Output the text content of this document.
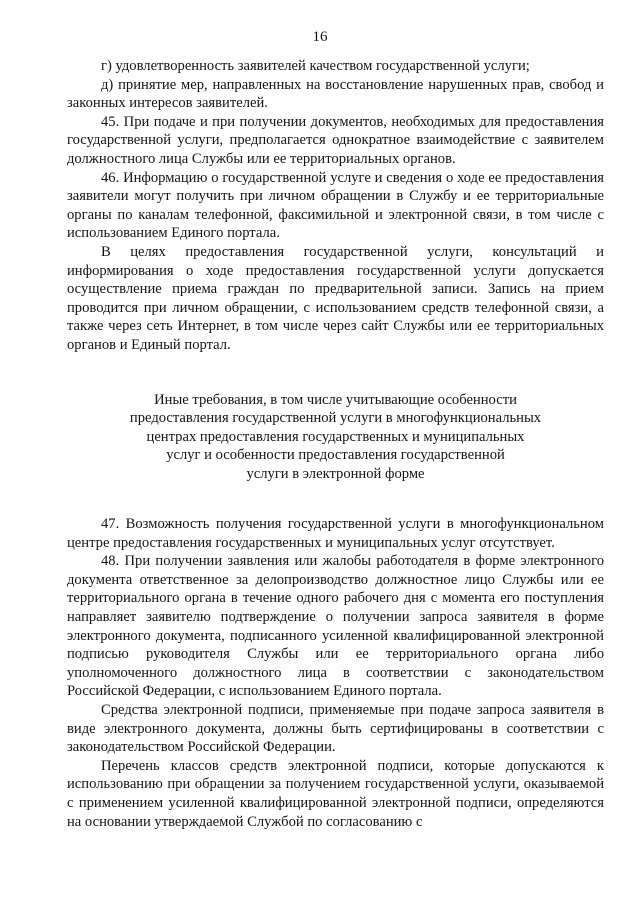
16

г) удовлетворенность заявителей качеством государственной услуги;

д) принятие мер, направленных на восстановление нарушенных прав, свобод и законных интересов заявителей.

45. При подаче и при получении документов, необходимых для предоставления государственной услуги, предполагается однократное взаимодействие с заявителем должностного лица Службы или ее территориальных органов.

46. Информацию о государственной услуге и сведения о ходе ее предоставления заявители могут получить при личном обращении в Службу и ее территориальные органы по каналам телефонной, факсимильной и электронной связи, в том числе с использованием Единого портала.

В целях предоставления государственной услуги, консультаций и информирования о ходе предоставления государственной услуги допускается осуществление приема граждан по предварительной записи. Запись на прием проводится при личном обращении, с использованием средств телефонной связи, а также через сеть Интернет, в том числе через сайт Службы или ее территориальных органов и Единый портал.

Иные требования, в том числе учитывающие особенности
предоставления государственной услуги в многофункциональных
центрах предоставления государственных и муниципальных
услуг и особенности предоставления государственной
услуги в электронной форме

47. Возможность получения государственной услуги в многофункциональном центре предоставления государственных и муниципальных услуг отсутствует.

48. При получении заявления или жалобы работодателя в форме электронного документа ответственное за делопроизводство должностное лицо Службы или ее территориального органа в течение одного рабочего дня с момента его поступления направляет заявителю подтверждение о получении запроса заявителя в форме электронного документа, подписанного усиленной квалифицированной электронной подписью руководителя Службы или ее территориального органа либо уполномоченного должностного лица в соответствии с законодательством Российской Федерации, с использованием Единого портала.

Средства электронной подписи, применяемые при подаче запроса заявителя в виде электронного документа, должны быть сертифицированы в соответствии с законодательством Российской Федерации.

Перечень классов средств электронной подписи, которые допускаются к использованию при обращении за получением государственной услуги, оказываемой с применением усиленной квалифицированной электронной подписи, определяются на основании утверждаемой Службой по согласованию с
